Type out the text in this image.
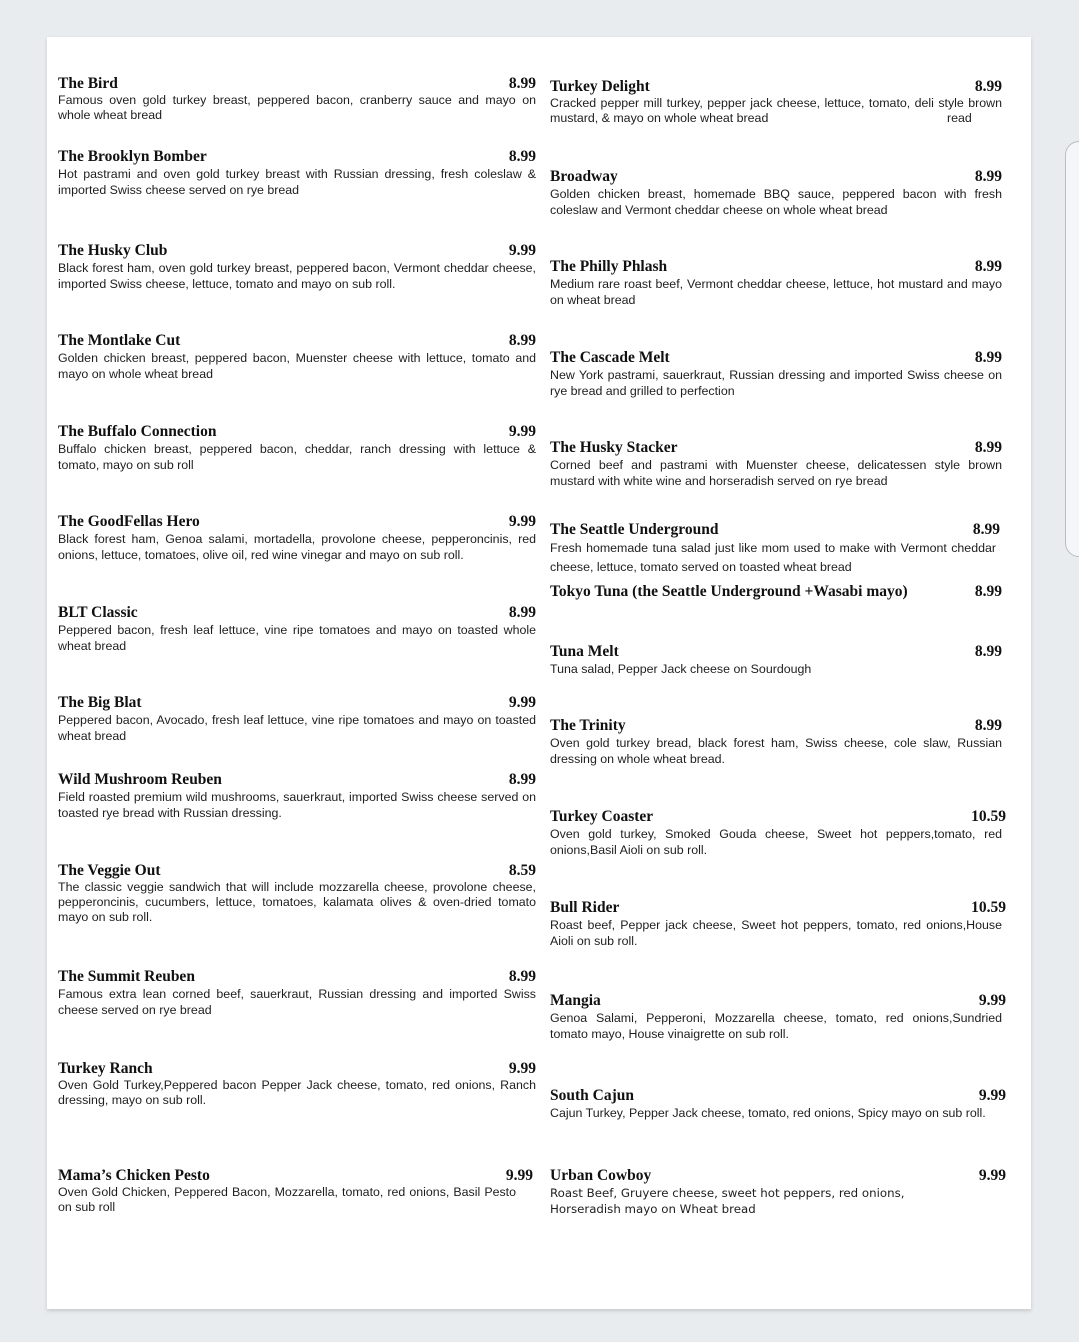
The Bird	8.99
Famous oven gold turkey breast, peppered bacon, cranberry sauce and mayo on whole wheat bread
The Brooklyn Bomber	8.99
Hot pastrami and oven gold turkey breast with Russian dressing, fresh coleslaw & imported Swiss cheese served on rye bread
The Husky Club	9.99
Black forest ham, oven gold turkey breast, peppered bacon, Vermont cheddar cheese, imported Swiss cheese, lettuce, tomato and mayo on sub roll.
The Montlake Cut	8.99
Golden chicken breast, peppered bacon, Muenster cheese with lettuce, tomato and mayo on whole wheat bread
The Buffalo Connection	9.99
Buffalo chicken breast, peppered bacon, cheddar, ranch dressing with lettuce & tomato, mayo on sub roll
The GoodFellas Hero	9.99
Black forest ham, Genoa salami, mortadella, provolone cheese, pepperoncinis, red onions, lettuce, tomatoes, olive oil, red wine vinegar and mayo on sub roll.
BLT Classic	8.99
Peppered bacon, fresh leaf lettuce, vine ripe tomatoes and mayo on toasted whole wheat bread
The Big Blat	9.99
Peppered bacon, Avocado, fresh leaf lettuce, vine ripe tomatoes and mayo on toasted wheat bread
Wild Mushroom Reuben	8.99
Field roasted premium wild mushrooms, sauerkraut, imported Swiss cheese served on toasted rye bread with Russian dressing.
The Veggie Out	8.59
The classic veggie sandwich that will include mozzarella cheese, provolone cheese, pepperoncinis, cucumbers, lettuce, tomatoes, kalamata olives & oven-dried tomato mayo on sub roll.
The Summit Reuben	8.99
Famous extra lean corned beef, sauerkraut, Russian dressing and imported Swiss cheese served on rye bread
Turkey Ranch	9.99
Oven Gold Turkey,Peppered bacon Pepper Jack cheese, tomato, red onions, Ranch dressing, mayo on sub roll.
Mama’s Chicken Pesto	9.99
Oven Gold Chicken, Peppered Bacon, Mozzarella, tomato, red onions, Basil Pesto on sub roll
Turkey Delight	8.99
Cracked pepper mill turkey, pepper jack cheese, lettuce, tomato, deli style brown mustard, & mayo on whole wheat bread	read
Broadway	8.99
Golden chicken breast, homemade BBQ sauce, peppered bacon with fresh coleslaw and Vermont cheddar cheese on whole wheat bread
The Philly Phlash	8.99
Medium rare roast beef, Vermont cheddar cheese, lettuce, hot mustard and mayo on wheat bread
The Cascade Melt	8.99
New York pastrami, sauerkraut, Russian dressing and imported Swiss cheese on rye bread and grilled to perfection
The Husky Stacker	8.99
Corned beef and pastrami with Muenster cheese, delicatessen style brown mustard with white wine and horseradish served on rye bread
The Seattle Underground	8.99
Fresh homemade tuna salad just like mom used to make with Vermont cheddar cheese, lettuce, tomato served on toasted wheat bread
Tokyo Tuna (the Seattle Underground +Wasabi mayo)	8.99
Tuna Melt	8.99
Tuna salad, Pepper Jack cheese on Sourdough
The Trinity	8.99
Oven gold turkey bread, black forest ham, Swiss cheese, cole slaw, Russian dressing on whole wheat bread.
Turkey Coaster	10.59
Oven gold turkey, Smoked Gouda cheese, Sweet hot peppers,tomato, red onions,Basil Aioli on sub roll.
Bull Rider	10.59
Roast beef, Pepper jack cheese, Sweet hot peppers, tomato, red onions,House Aioli on sub roll.
Mangia	9.99
Genoa Salami, Pepperoni, Mozzarella cheese, tomato, red onions,Sundried tomato mayo, House vinaigrette on sub roll.
South Cajun	9.99
Cajun Turkey, Pepper Jack cheese, tomato, red onions, Spicy mayo on sub roll.
Urban Cowboy	9.99
Roast Beef, Gruyere cheese, sweet hot peppers, red onions, Horseradish mayo on Wheat bread
